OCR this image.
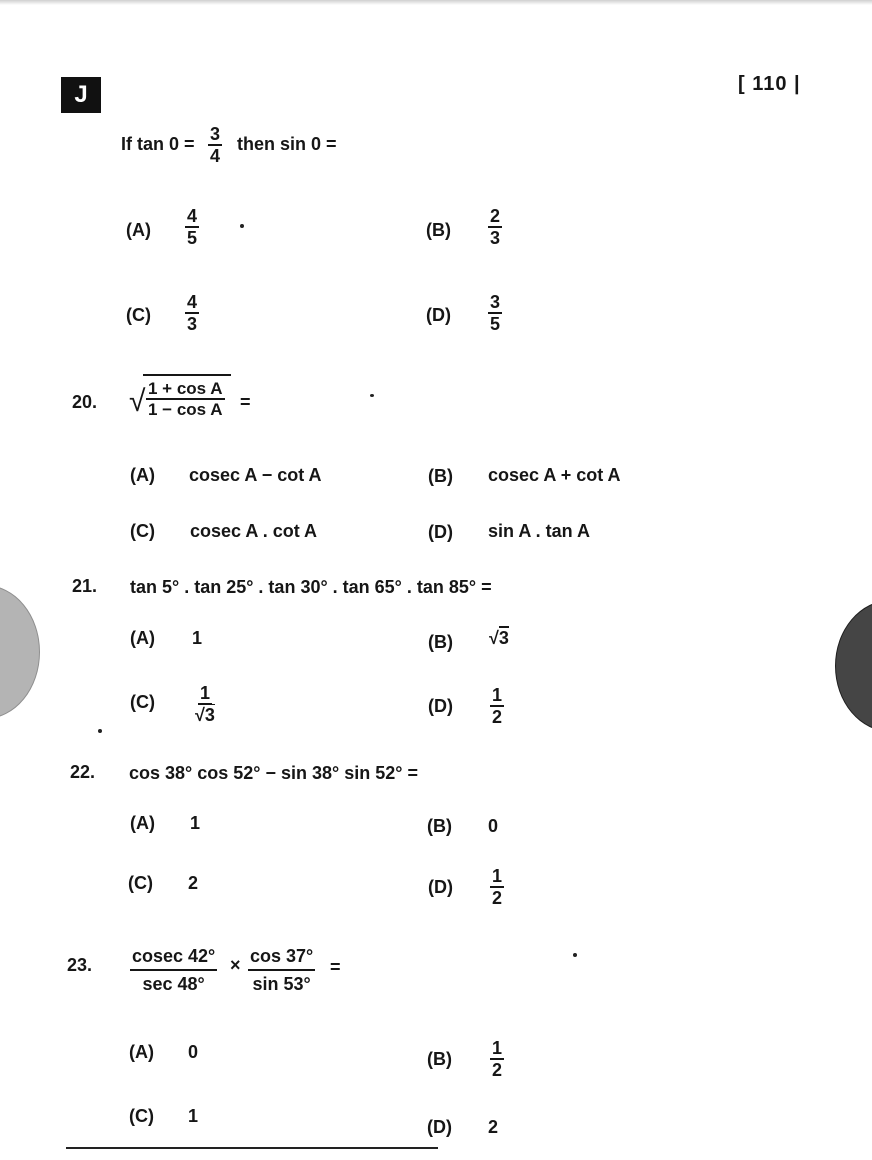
J	[ 110 |
If $\tan 0 = \frac{3}{4}$ then sin 0 =
$(A) \frac{4}{5}$	$(B) \frac{2}{3}$
$(C) \frac{4}{3}$	$(D) \frac{3}{5}$
20. √ $\frac{\text{1 + cos A}}{\text{1 − cos A}}$ =
(A) cosec A − cot A	(B) cosec A + cot A
(C) cosec A . cot A	(D) sin A . tan A
21. tan 5° . tan 25° . tan 30° . tan 65° . tan 85° =
(A) 1	(B) √3
$(C) \frac{1}{√3}$	$(D) \frac{1}{2}$
22. cos 38° cos 52° − sin 38° sin 52° =
(A) 1	(B) 0
(C) 2	$(D) \frac{1}{2}$
23. cosec 42°
sec 48°
× $\frac{\cos 37^\circ}{\sin 53^\circ}$ =
(A) 0	$(B) \frac{1}{2}$
(C) 1
(D) 2
